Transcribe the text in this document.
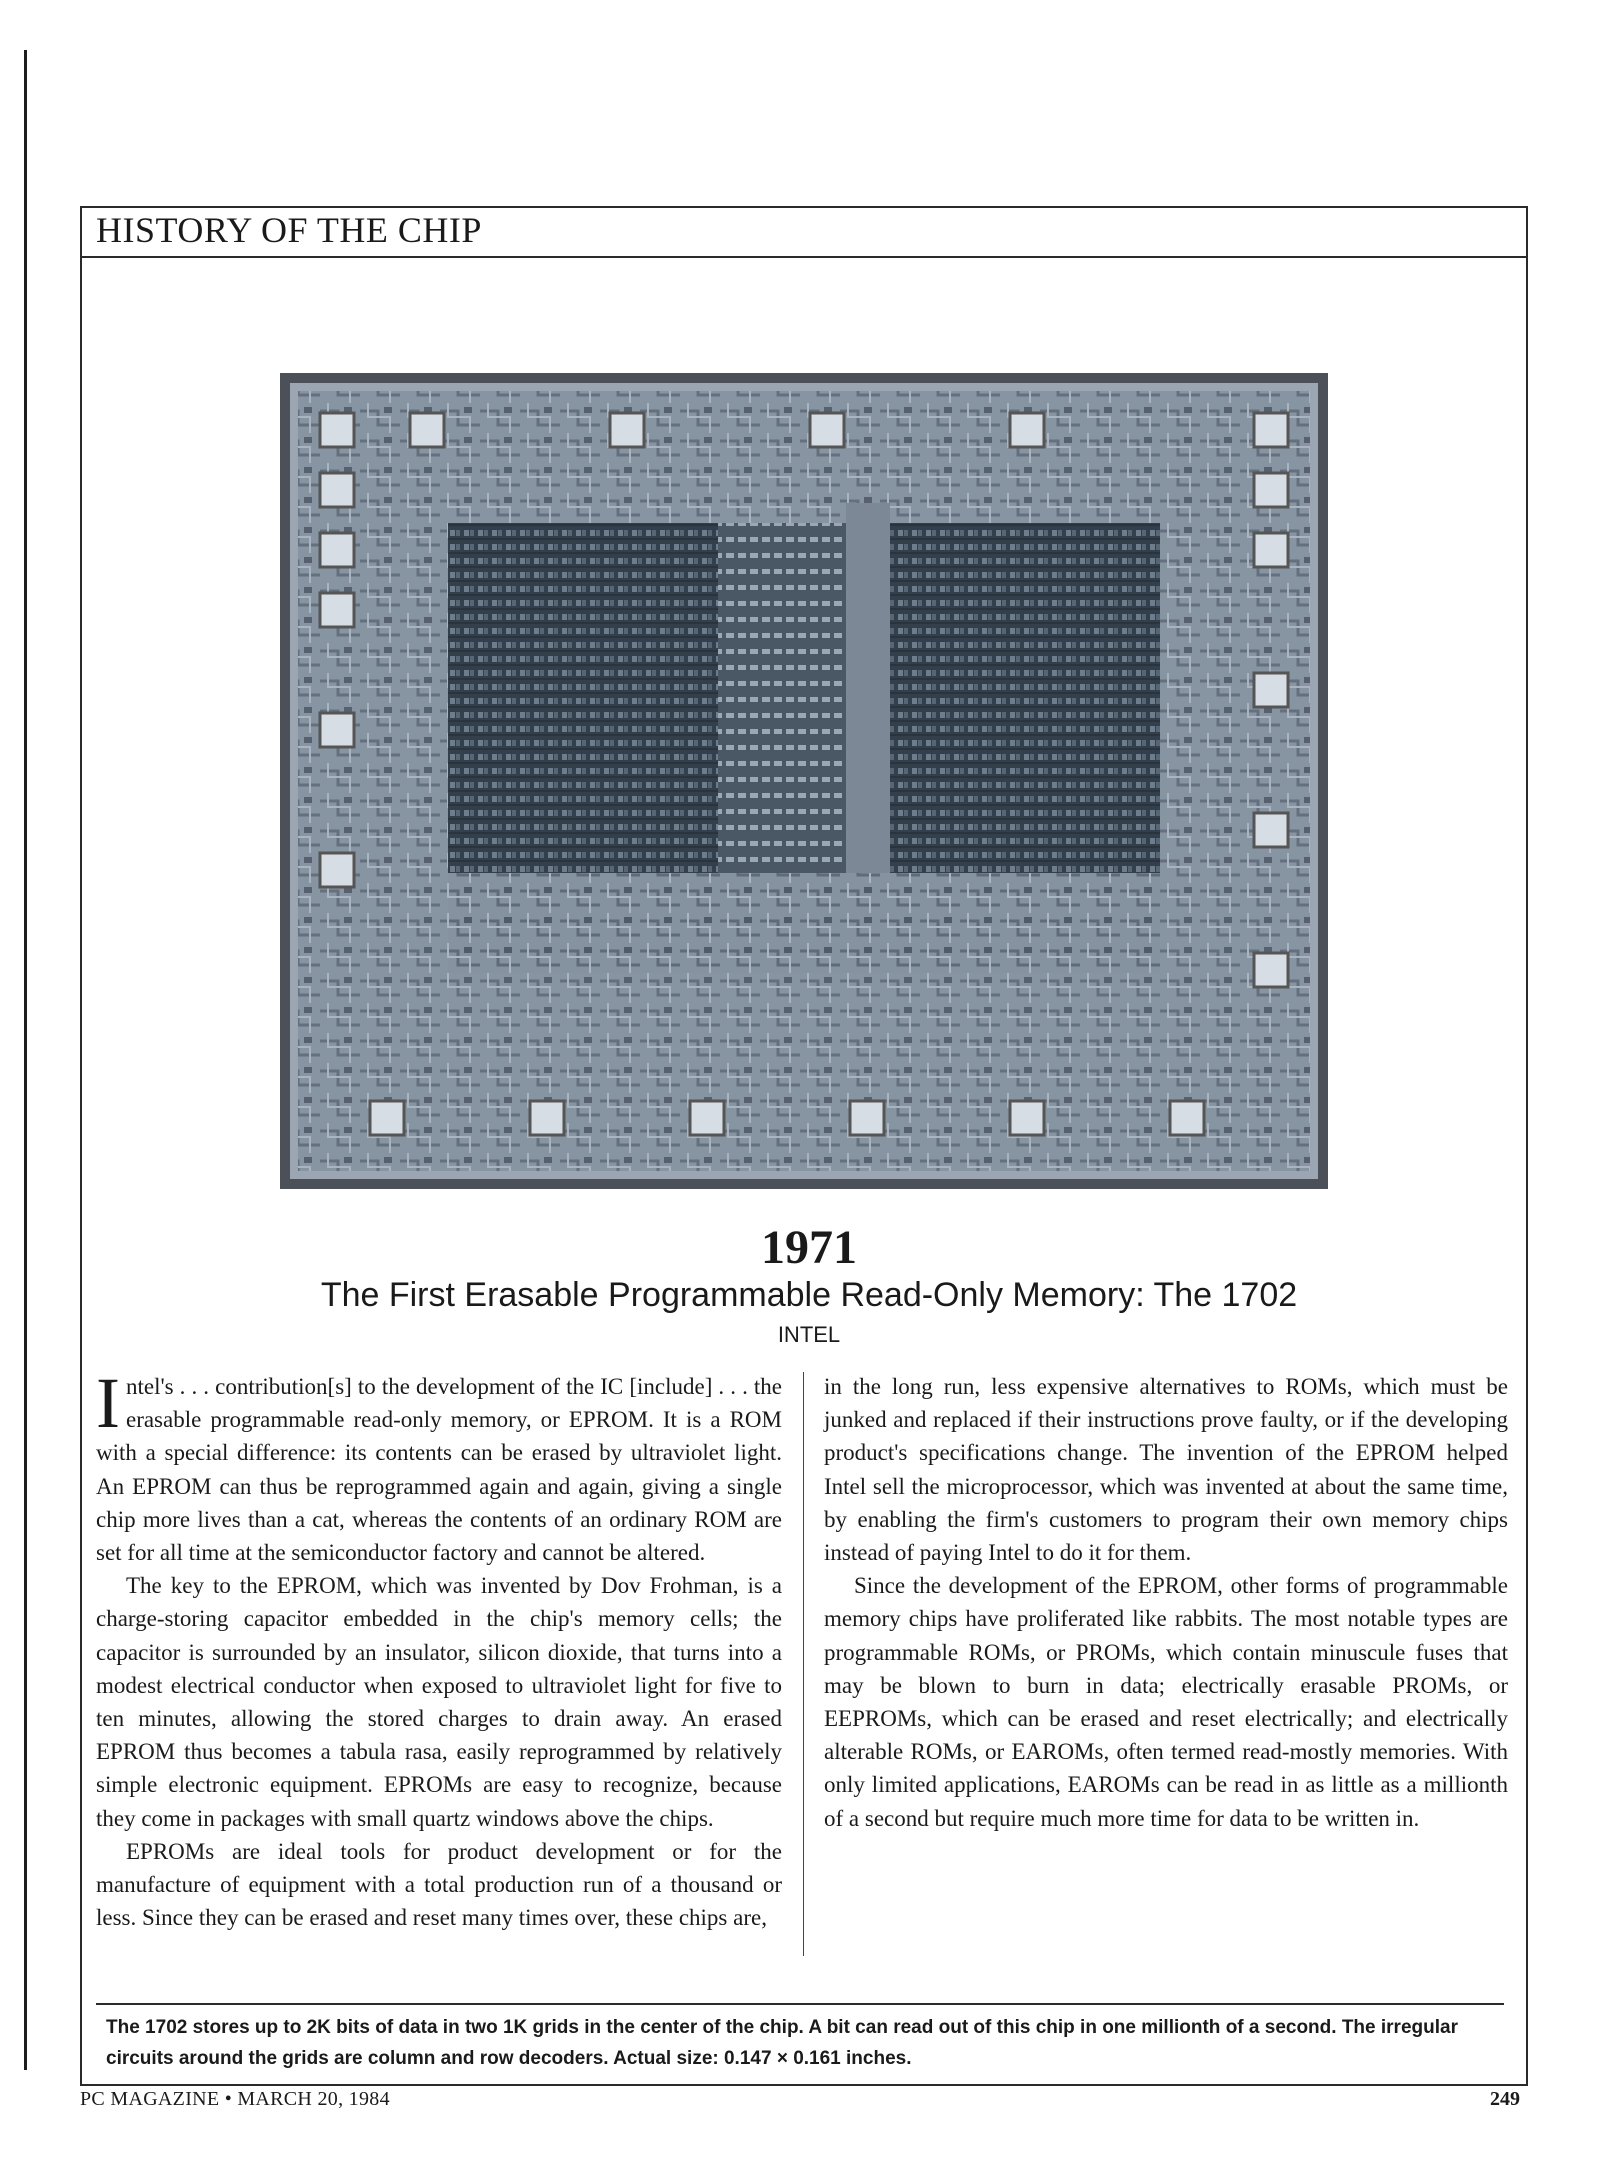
HISTORY OF THE CHIP
1971
The First Erasable Programmable Read-Only Memory: The 1702
INTEL

Intel's . . . contribution[s] to the development of the IC [include] . . . the erasable programmable read-only memory, or EPROM. It is a ROM with a special difference: its contents can be erased by ultraviolet light. An EPROM can thus be reprogrammed again and again, giving a single chip more lives than a cat, whereas the contents of an ordinary ROM are set for all time at the semiconductor factory and cannot be altered.

The key to the EPROM, which was invented by Dov Frohman, is a charge-storing capacitor embedded in the chip's memory cells; the capacitor is surrounded by an insulator, silicon dioxide, that turns into a modest electrical conductor when exposed to ultraviolet light for five to ten minutes, allowing the stored charges to drain away. An erased EPROM thus becomes a tabula rasa, easily reprogrammed by relatively simple electronic equipment. EPROMs are easy to recognize, because they come in packages with small quartz windows above the chips.

EPROMs are ideal tools for product development or for the manufacture of equipment with a total production run of a thousand or less. Since they can be erased and reset many times over, these chips are,

in the long run, less expensive alternatives to ROMs, which must be junked and replaced if their instructions prove faulty, or if the developing product's specifications change. The invention of the EPROM helped Intel sell the microprocessor, which was invented at about the same time, by enabling the firm's customers to program their own memory chips instead of paying Intel to do it for them.

Since the development of the EPROM, other forms of programmable memory chips have proliferated like rabbits. The most notable types are programmable ROMs, or PROMs, which contain minuscule fuses that may be blown to burn in data; electrically erasable PROMs, or EEPROMs, which can be erased and reset electrically; and electrically alterable ROMs, or EAROMs, often termed read-mostly memories. With only limited applications, EAROMs can be read in as little as a millionth of a second but require much more time for data to be written in.

The 1702 stores up to 2K bits of data in two 1K grids in the center of the chip. A bit can read out of this chip in one millionth of a second. The irregular circuits around the grids are column and row decoders. Actual size: 0.147 × 0.161 inches.
PC MAGAZINE • MARCH 20, 1984	249
